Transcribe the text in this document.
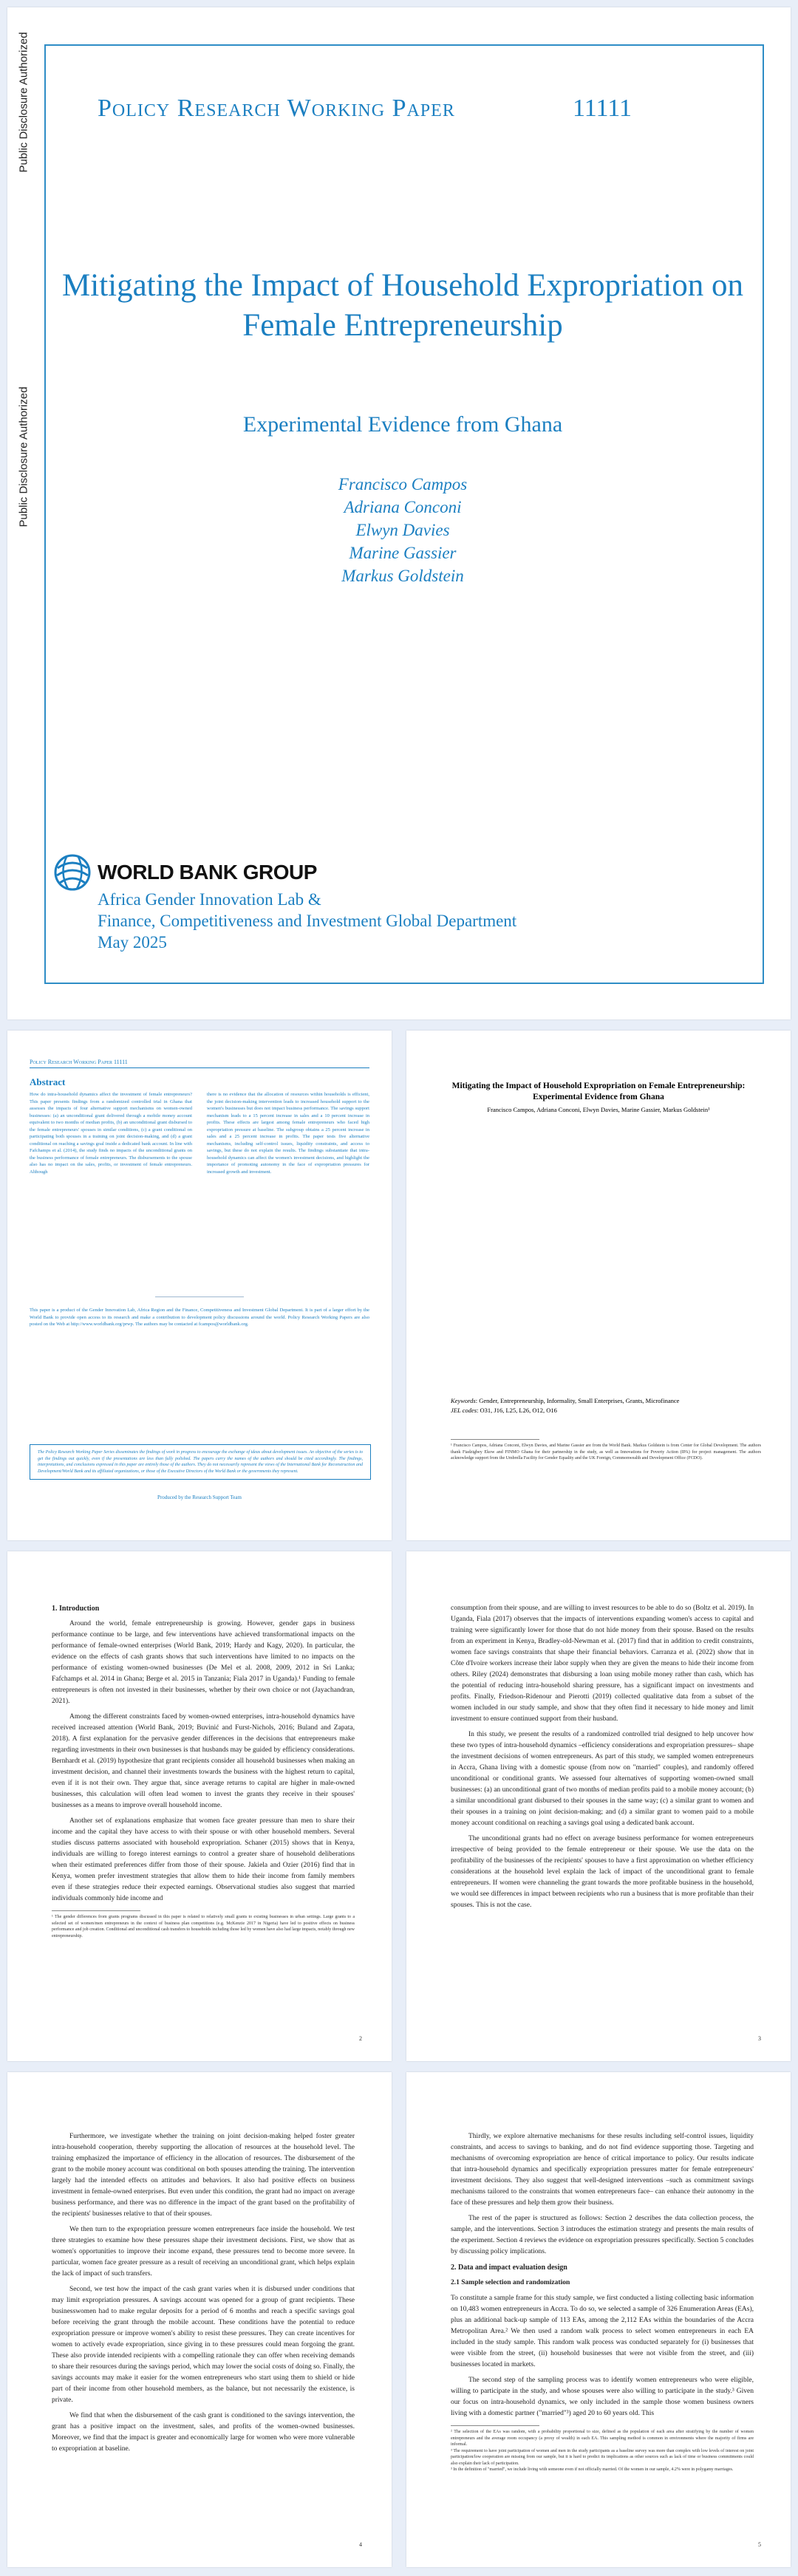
Public Disclosure Authorized
Public Disclosure Authorized
Policy Research Working Paper	11111
Mitigating the Impact of Household Expropriation on Female Entrepreneurship
Experimental Evidence from Ghana
Francisco Campos
Adriana Conconi
Elwyn Davies
Marine Gassier
Markus Goldstein
WORLD BANK GROUP
Africa Gender Innovation Lab &
Finance, Competitiveness and Investment Global Department
May 2025
Policy Research Working Paper 11111
Abstract
How do intra-household dynamics affect the investment of female entrepreneurs? This paper presents findings from a randomized controlled trial in Ghana that assesses the impacts of four alternative support mechanisms on women-owned businesses: (a) an unconditional grant delivered through a mobile money account equivalent to two months of median profits, (b) an unconditional grant disbursed to the female entrepreneurs' spouses in similar conditions, (c) a grant conditional on participating both spouses in a training on joint decision-making, and (d) a grant conditional on reaching a savings goal inside a dedicated bank account. In line with Fafchamps et al. (2014), the study finds no impacts of the unconditional grants on the business performance of female entrepreneurs. The disbursements to the spouse also has no impact on the sales, profits, or investment of female entrepreneurs. Although
there is no evidence that the allocation of resources within households is efficient, the joint decision-making intervention leads to increased household support to the women's businesses but does not impact business performance. The savings support mechanism leads to a 15 percent increase in sales and a 10 percent increase in profits. These effects are largest among female entrepreneurs who faced high expropriation pressure at baseline. The subgroup obtains a 25 percent increase in sales and a 25 percent increase in profits. The paper tests five alternative mechanisms, including self-control issues, liquidity constraints, and access to savings, but these do not explain the results. The findings substantiate that intra-household dynamics can affect the women's investment decisions, and highlight the importance of promoting autonomy in the face of expropriation pressures for increased growth and investment.
This paper is a product of the Gender Innovation Lab, Africa Region and the Finance, Competitiveness and Investment Global Department. It is part of a larger effort by the World Bank to provide open access to its research and make a contribution to development policy discussions around the world. Policy Research Working Papers are also posted on the Web at http://www.worldbank.org/prwp. The authors may be contacted at fcampos@worldbank.org.
The Policy Research Working Paper Series disseminates the findings of work in progress to encourage the exchange of ideas about development issues. An objective of the series is to get the findings out quickly, even if the presentations are less than fully polished. The papers carry the names of the authors and should be cited accordingly. The findings, interpretations, and conclusions expressed in this paper are entirely those of the authors. They do not necessarily represent the views of the International Bank for Reconstruction and Development/World Bank and its affiliated organizations, or those of the Executive Directors of the World Bank or the governments they represent.
Produced by the Research Support Team
Mitigating the Impact of Household Expropriation on Female Entrepreneurship: Experimental Evidence from Ghana
Francisco Campos, Adriana Conconi, Elwyn Davies, Marine Gassier, Markus Goldstein¹
Keywords: Gender, Entrepreneurship, Informality, Small Enterprises, Grants, Microfinance
JEL codes: O31, J16, L25, L26, O12, O16
¹ Francisco Campos, Adriana Conconi, Elwyn Davies, and Marine Gassier are from the World Bank. Markus Goldstein is from Center for Global Development. The authors thank Fiadzigbey Ekow and FINMO Ghana for their partnership in the study, as well as Innovations for Poverty Action (IPA) for project management. The authors acknowledge support from the Umbrella Facility for Gender Equality and the UK Foreign, Commonwealth and Development Office (FCDO).
1. Introduction

Around the world, female entrepreneurship is growing. However, gender gaps in business performance continue to be large, and few interventions have achieved transformational impacts on the performance of female-owned enterprises (World Bank, 2019; Hardy and Kagy, 2020). In particular, the evidence on the effects of cash grants shows that such interventions have limited to no impacts on the performance of existing women-owned businesses (De Mel et al. 2008, 2009, 2012 in Sri Lanka; Fafchamps et al. 2014 in Ghana; Berge et al. 2015 in Tanzania; Fiala 2017 in Uganda).¹ Funding to female entrepreneurs is often not invested in their businesses, whether by their own choice or not (Jayachandran, 2021).

Among the different constraints faced by women-owned enterprises, intra-household dynamics have received increased attention (World Bank, 2019; Buvinić and Furst-Nichols, 2016; Buland and Zapata, 2018). A first explanation for the pervasive gender differences in the decisions that entrepreneurs make regarding investments in their own businesses is that husbands may be guided by efficiency considerations. Bernhardt et al. (2019) hypothesize that grant recipients consider all household businesses when making an investment decision, and channel their investments towards the business with the highest return to capital, even if it is not their own. They argue that, since average returns to capital are higher in male-owned businesses, this calculation will often lead women to invest the grants they receive in their spouses' businesses as a means to improve overall household income.

Another set of explanations emphasize that women face greater pressure than men to share their income and the capital they have access to with their spouse or with other household members. Several studies discuss patterns associated with household expropriation. Schaner (2015) shows that in Kenya, individuals are willing to forego interest earnings to control a greater share of household deliberations when their estimated preferences differ from those of their spouse. Jakiela and Ozier (2016) find that in Kenya, women prefer investment strategies that allow them to hide their income from family members even if these strategies reduce their expected earnings. Observational studies also suggest that married individuals commonly hide income and

¹ The gender differences from grants programs discussed in this paper is related to relatively small grants to existing businesses in urban settings. Large grants to a selected set of women/men entrepreneurs in the context of business plan competitions (e.g. McKenzie 2017 in Nigeria) have led to positive effects on business performance and job creation. Conditional and unconditional cash transfers to households including those led by women have also had large impacts, notably through new entrepreneurship.
2

consumption from their spouse, and are willing to invest resources to be able to do so (Boltz et al. 2019). In Uganda, Fiala (2017) observes that the impacts of interventions expanding women's access to capital and training were significantly lower for those that do not hide money from their spouse. Based on the results from an experiment in Kenya, Bradley-old-Newman et al. (2017) find that in addition to credit constraints, women face savings constraints that shape their financial behaviors. Carranza et al. (2022) show that in Côte d'Ivoire workers increase their labor supply when they are given the means to hide their income from others. Riley (2024) demonstrates that disbursing a loan using mobile money rather than cash, which has the potential of reducing intra-household sharing pressure, has a significant impact on investments and profits. Finally, Friedson-Ridenour and Pierotti (2019) collected qualitative data from a subset of the women included in our study sample, and show that they often find it necessary to hide money and limit investment to ensure continued support from their husband.

In this study, we present the results of a randomized controlled trial designed to help uncover how these two types of intra-household dynamics –efficiency considerations and expropriation pressures– shape the investment decisions of women entrepreneurs. As part of this study, we sampled women entrepreneurs in Accra, Ghana living with a domestic spouse (from now on "married" couples), and randomly offered unconditional or conditional grants. We assessed four alternatives of supporting women-owned small businesses: (a) an unconditional grant of two months of median profits paid to a mobile money account; (b) a similar unconditional grant disbursed to their spouses in the same way; (c) a similar grant to women and their spouses in a training on joint decision-making; and (d) a similar grant to women paid to a mobile money account conditional on reaching a savings goal using a dedicated bank account.

The unconditional grants had no effect on average business performance for women entrepreneurs irrespective of being provided to the female entrepreneur or their spouse. We use the data on the profitability of the businesses of the recipients' spouses to have a first approximation on whether efficiency considerations at the household level explain the lack of impact of the unconditional grant to female entrepreneurs. If women were channeling the grant towards the more profitable business in the household, we would see differences in impact between recipients who run a business that is more profitable than their spouses. This is not the case.

3

Furthermore, we investigate whether the training on joint decision-making helped foster greater intra-household cooperation, thereby supporting the allocation of resources at the household level. The training emphasized the importance of efficiency in the allocation of resources. The disbursement of the grant to the mobile money account was conditional on both spouses attending the training. The intervention largely had the intended effects on attitudes and behaviors. It also had positive effects on business investment in female-owned enterprises. But even under this condition, the grant had no impact on average business performance, and there was no difference in the impact of the grant based on the profitability of the recipients' businesses relative to that of their spouses.

We then turn to the expropriation pressure women entrepreneurs face inside the household. We test three strategies to examine how these pressures shape their investment decisions. First, we show that as women's opportunities to improve their income expand, these pressures tend to become more severe. In particular, women face greater pressure as a result of receiving an unconditional grant, which helps explain the lack of impact of such transfers.

Second, we test how the impact of the cash grant varies when it is disbursed under conditions that may limit expropriation pressures. A savings account was opened for a group of grant recipients. These businesswomen had to make regular deposits for a period of 6 months and reach a specific savings goal before receiving the grant through the mobile account. These conditions have the potential to reduce expropriation pressure or improve women's ability to resist these pressures. They can create incentives for women to actively evade expropriation, since giving in to these pressures could mean forgoing the grant. These also provide intended recipients with a compelling rationale they can offer when receiving demands to share their resources during the savings period, which may lower the social costs of doing so. Finally, the savings accounts may make it easier for the women entrepreneurs who start using them to shield or hide part of their income from other household members, as the balance, but not necessarily the existence, is private.

We find that when the disbursement of the cash grant is conditioned to the savings intervention, the grant has a positive impact on the investment, sales, and profits of the women-owned businesses. Moreover, we find that the impact is greater and economically large for women who were more vulnerable to expropriation at baseline.

4

Thirdly, we explore alternative mechanisms for these results including self-control issues, liquidity constraints, and access to savings to banking, and do not find evidence supporting those. Targeting and mechanisms of overcoming expropriation are hence of critical importance to policy. Our results indicate that intra-household dynamics and specifically expropriation pressures matter for female entrepreneurs' investment decisions. They also suggest that well-designed interventions –such as commitment savings mechanisms tailored to the constraints that women entrepreneurs face– can enhance their autonomy in the face of these pressures and help them grow their business.

The rest of the paper is structured as follows: Section 2 describes the data collection process, the sample, and the interventions. Section 3 introduces the estimation strategy and presents the main results of the experiment. Section 4 reviews the evidence on expropriation pressures specifically. Section 5 concludes by discussing policy implications.

2. Data and impact evaluation design
2.1 Sample selection and randomization

To constitute a sample frame for this study sample, we first conducted a listing collecting basic information on 10,483 women entrepreneurs in Accra. To do so, we selected a sample of 326 Enumeration Areas (EAs), plus an additional back-up sample of 113 EAs, among the 2,112 EAs within the boundaries of the Accra Metropolitan Area.² We then used a random walk process to select women entrepreneurs in each EA included in the study sample. This random walk process was conducted separately for (i) businesses that were visible from the street, (ii) household businesses that were not visible from the street, and (iii) businesses located in markets.

The second step of the sampling process was to identify women entrepreneurs who were eligible, willing to participate in the study, and whose spouses were also willing to participate in the study.³ Given our focus on intra-household dynamics, we only included in the sample those women business owners living with a domestic partner ("married"³) aged 20 to 60 years old. This

² The selection of the EAs was random, with a probability proportional to size, defined as the population of each area after stratifying by the number of women entrepreneurs and the average room occupancy (a proxy of wealth) in each EA. This sampling method is common in environments where the majority of firms are informal.
³ The requirement to have joint participation of women and men in the study participants as a baseline survey was more than complex with low levels of interest on joint participation/low cooperation are missing from our sample, but it is hard to predict its implications as other sources such as lack of time or business commitments could also explain their lack of participation.
³ In the definition of "married", we include living with someone even if not officially married. Of the women in our sample, 4.2% were in polygamy marriages.
5
